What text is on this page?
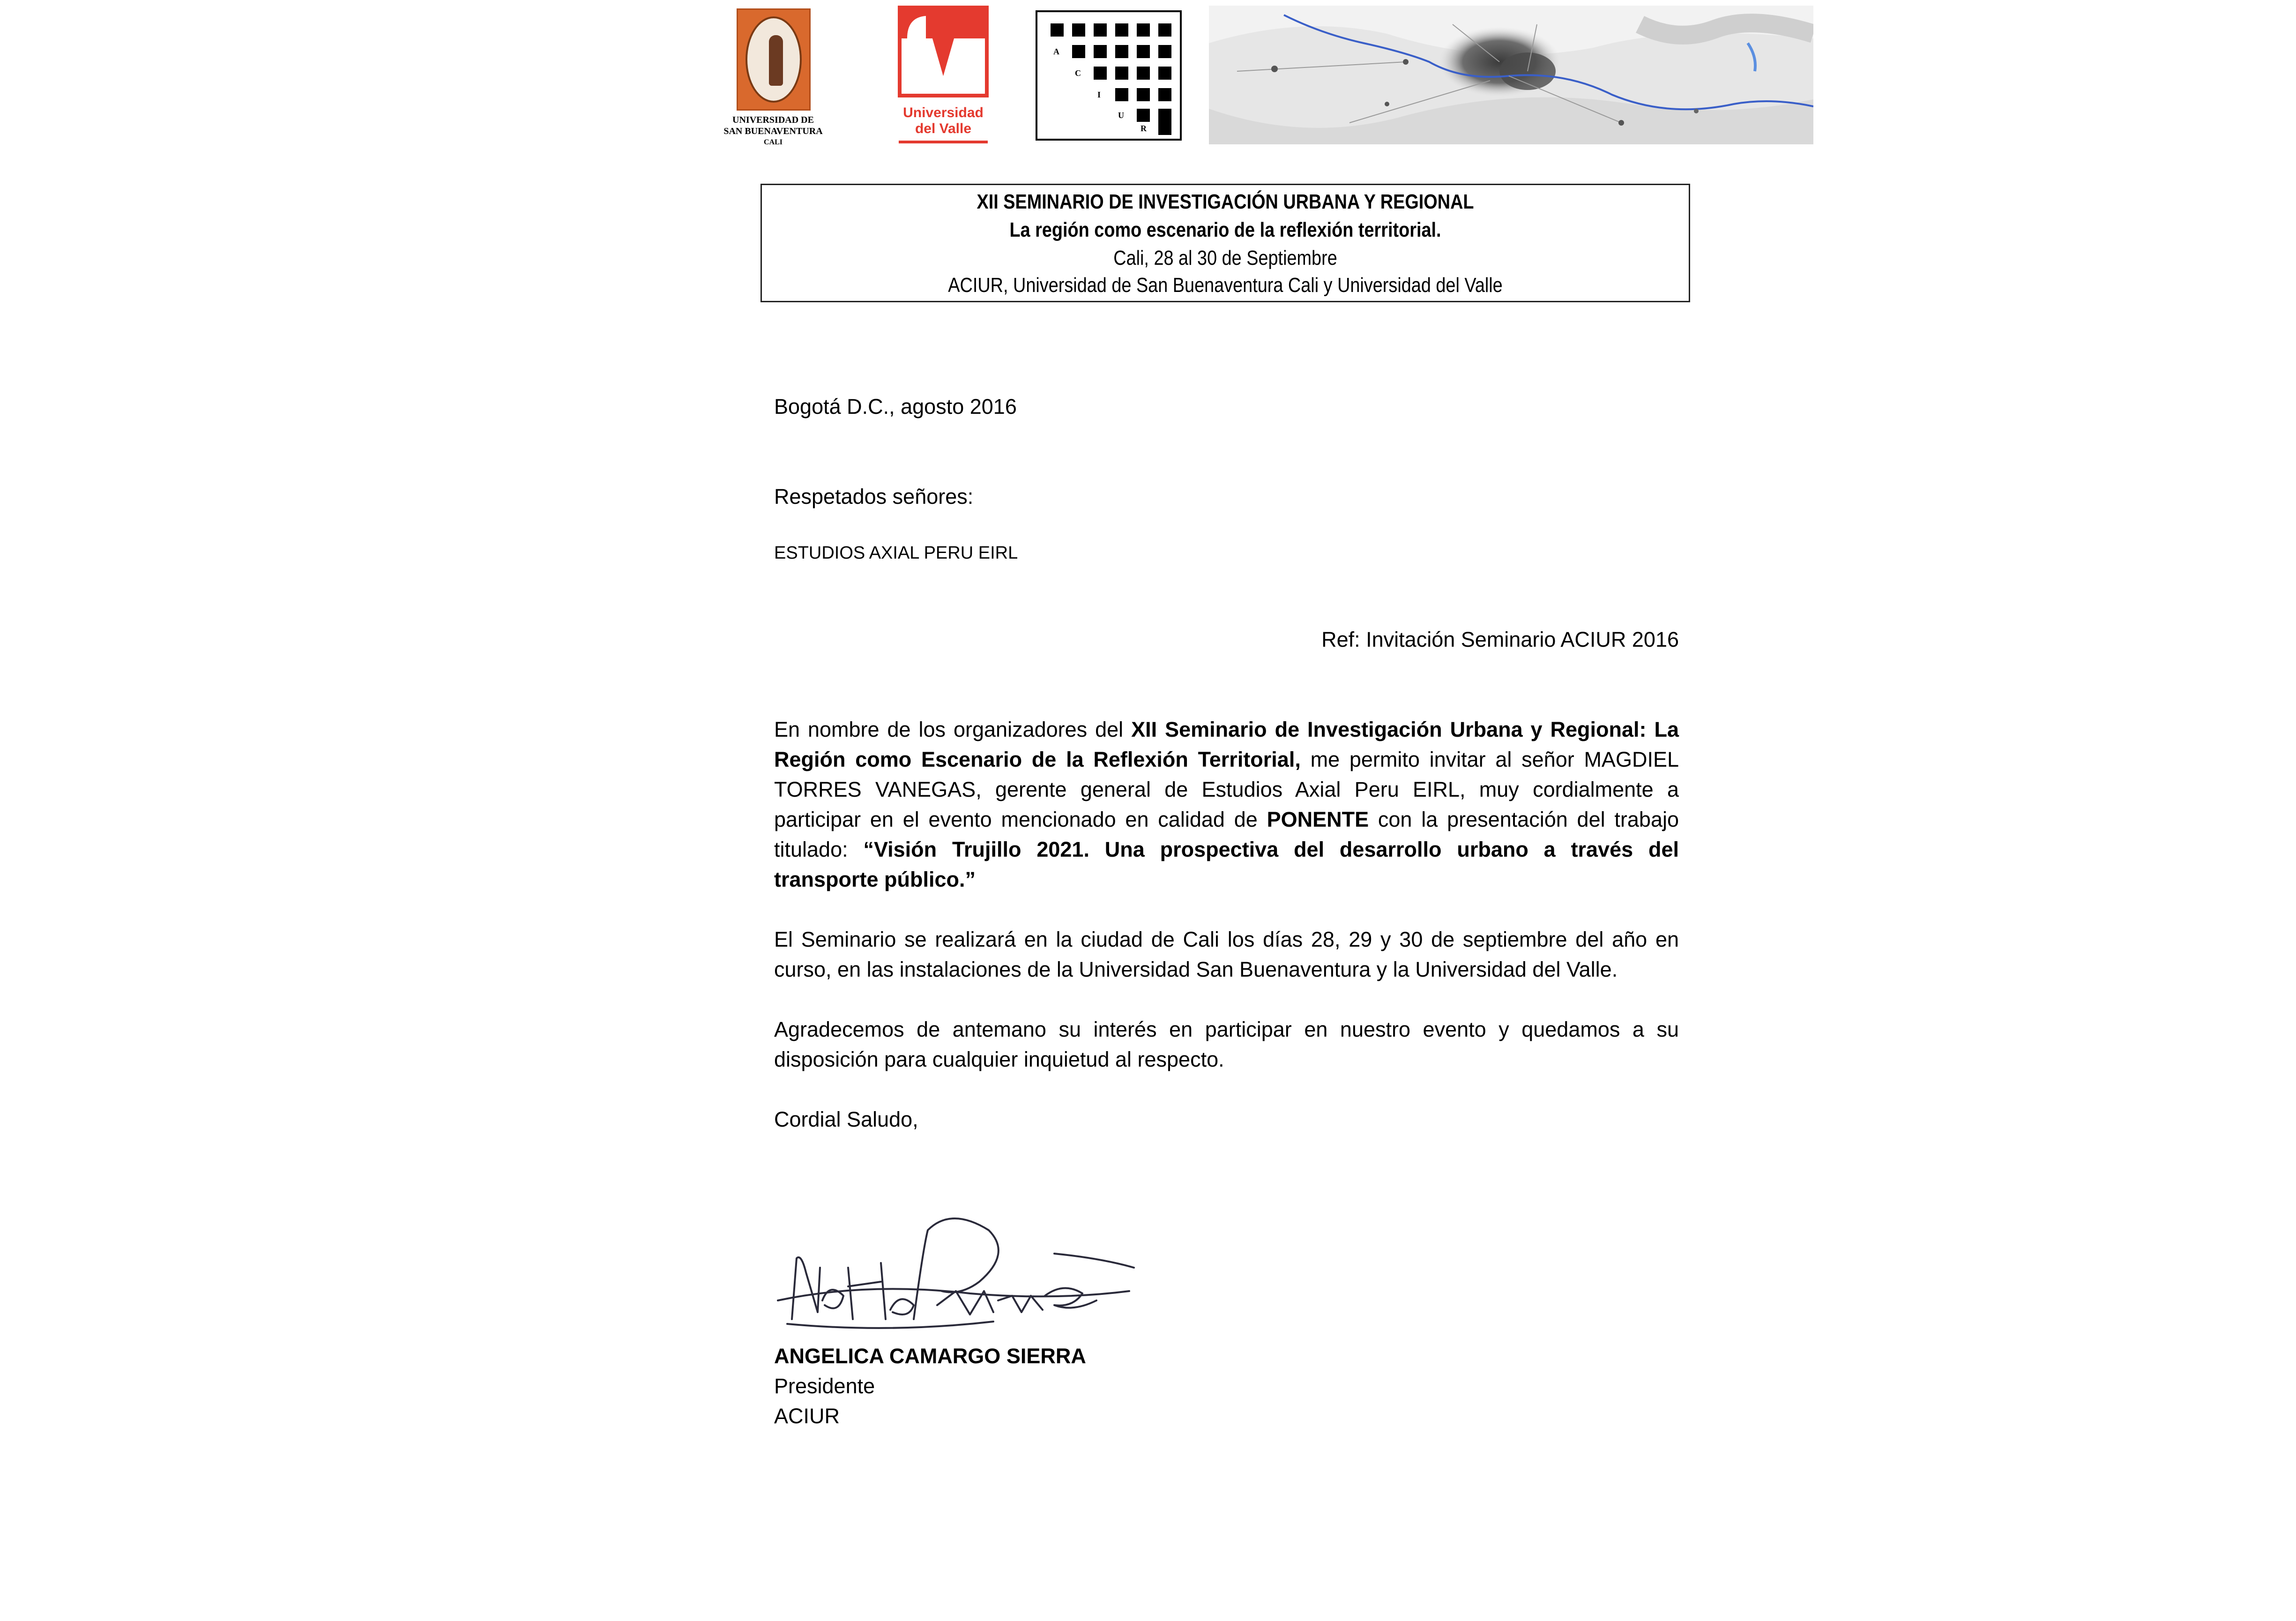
UNIVERSIDAD DE
SAN BUENAVENTURA
CALI
Universidad
del Valle
A
C
I
U
R
XII SEMINARIO DE INVESTIGACIÓN URBANA Y REGIONAL
La región como escenario de la reflexión territorial.
Cali, 28 al 30 de Septiembre
ACIUR, Universidad de San Buenaventura Cali y Universidad del Valle
Bogotá D.C., agosto 2016
Respetados señores:
ESTUDIOS AXIAL PERU EIRL
Ref: Invitación Seminario ACIUR 2016
En nombre de los organizadores del XII Seminario de Investigación Urbana y Regional: La Región como Escenario de la Reflexión Territorial, me permito invitar al señor MAGDIEL TORRES VANEGAS, gerente general de Estudios Axial Peru EIRL, muy cordialmente a participar en el evento mencionado en calidad de PONENTE con la presentación del trabajo titulado: “Visión Trujillo 2021. Una prospectiva del desarrollo urbano a través del transporte público.”
El Seminario se realizará en la ciudad de Cali los días 28, 29 y 30 de septiembre del año en curso, en las instalaciones de la Universidad San Buenaventura y la Universidad del Valle.
Agradecemos de antemano su interés en participar en nuestro evento y quedamos a su disposición para cualquier inquietud al respecto.
Cordial Saludo,
ANGELICA CAMARGO SIERRA
Presidente
ACIUR
